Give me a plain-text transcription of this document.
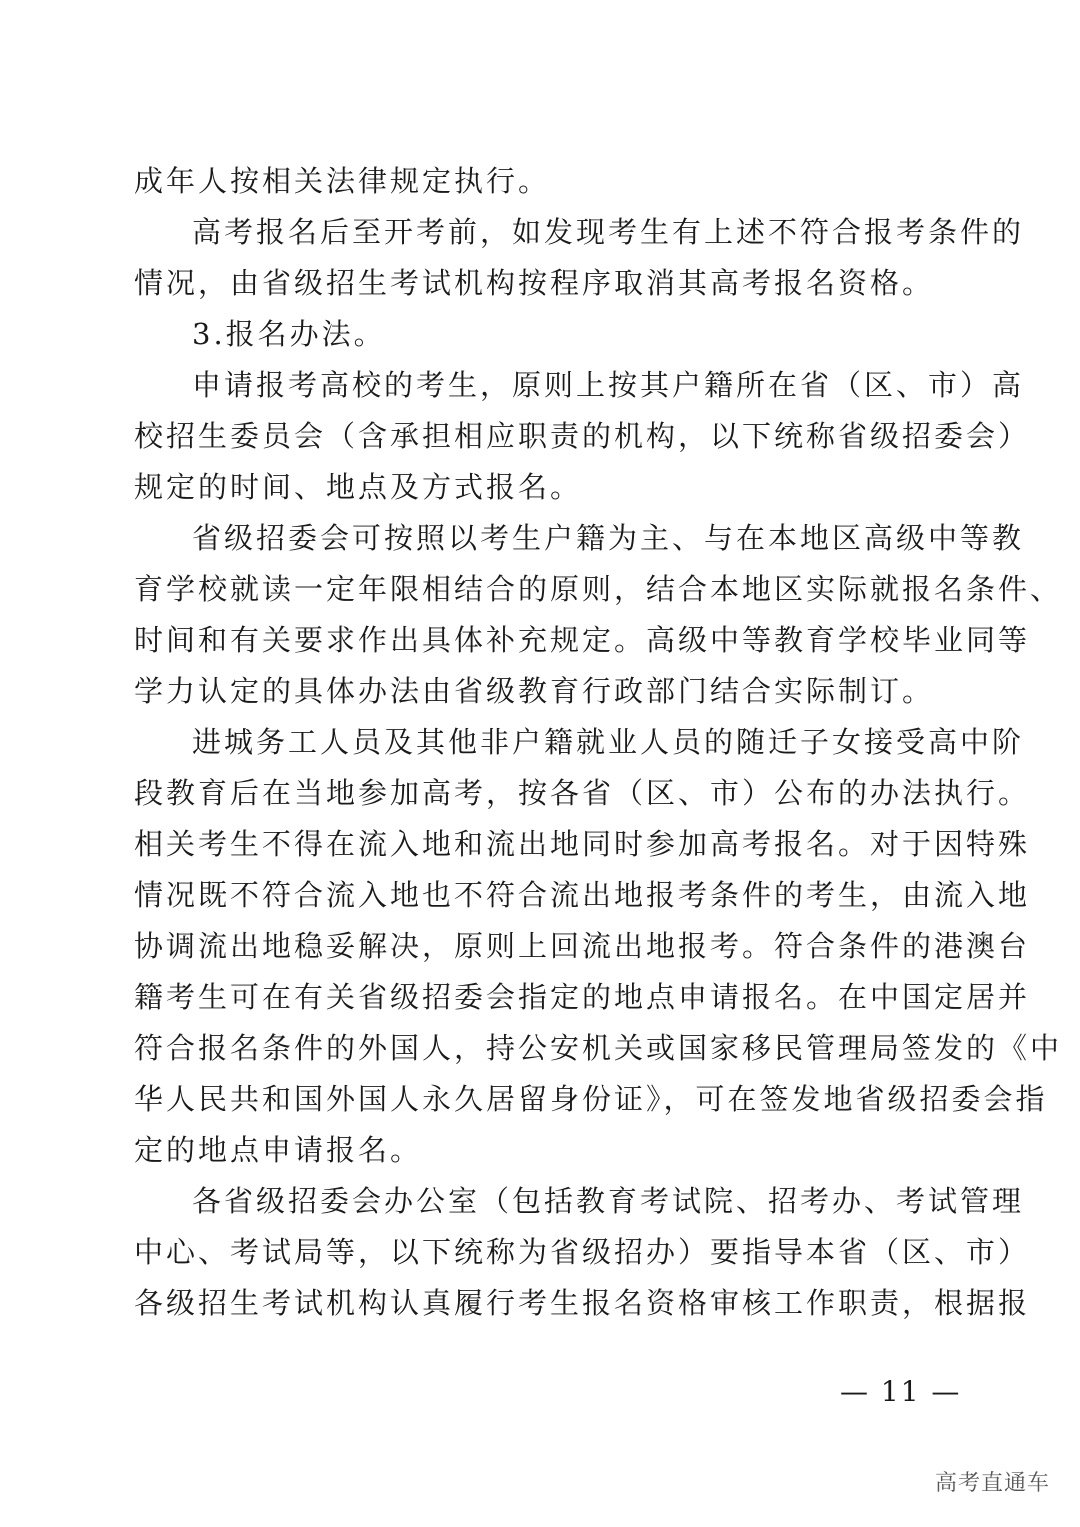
成年人按相关法律规定执行。
高考报名后至开考前，如发现考生有上述不符合报考条件的
情况，由省级招生考试机构按程序取消其高考报名资格。
3.报名办法。
申请报考高校的考生，原则上按其户籍所在省（区、市）高
校招生委员会（含承担相应职责的机构，以下统称省级招委会）
规定的时间、地点及方式报名。
省级招委会可按照以考生户籍为主、与在本地区高级中等教
育学校就读一定年限相结合的原则，结合本地区实际就报名条件、
时间和有关要求作出具体补充规定。高级中等教育学校毕业同等
学力认定的具体办法由省级教育行政部门结合实际制订。
进城务工人员及其他非户籍就业人员的随迁子女接受高中阶
段教育后在当地参加高考，按各省（区、市）公布的办法执行。
相关考生不得在流入地和流出地同时参加高考报名。对于因特殊
情况既不符合流入地也不符合流出地报考条件的考生，由流入地
协调流出地稳妥解决，原则上回流出地报考。符合条件的港澳台
籍考生可在有关省级招委会指定的地点申请报名。在中国定居并
符合报名条件的外国人，持公安机关或国家移民管理局签发的《中
华人民共和国外国人永久居留身份证》，可在签发地省级招委会指
定的地点申请报名。
各省级招委会办公室（包括教育考试院、招考办、考试管理
中心、考试局等，以下统称为省级招办）要指导本省（区、市）
各级招生考试机构认真履行考生报名资格审核工作职责，根据报
— 11 —
高考直通车
